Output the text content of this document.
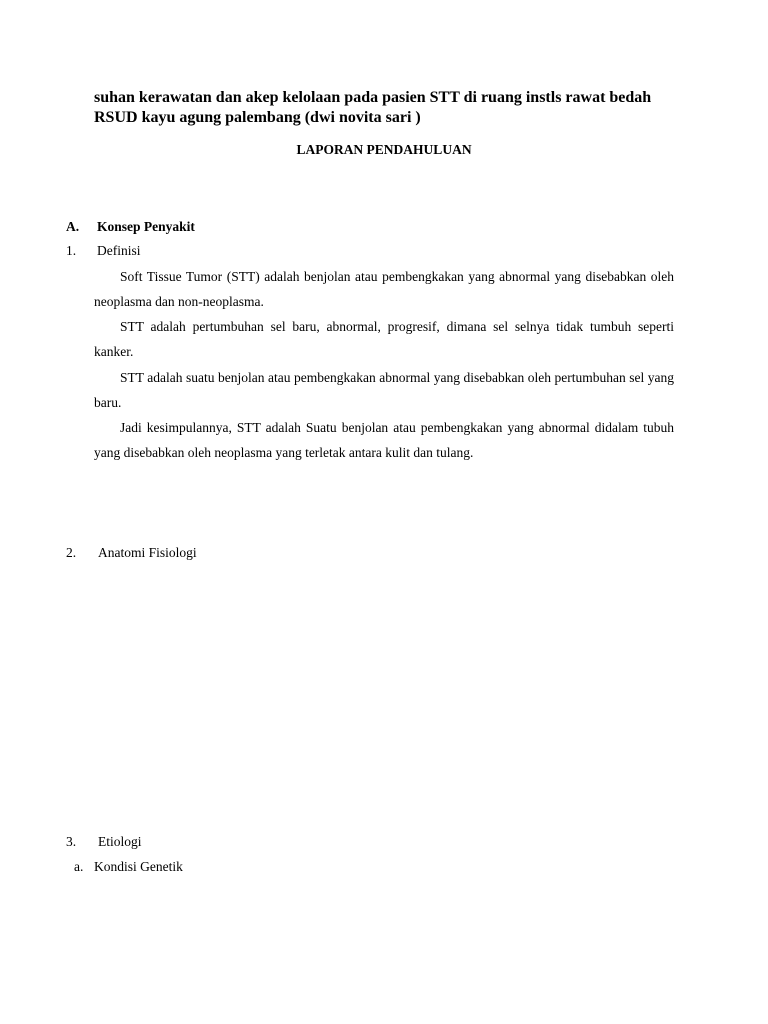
suhan kerawatan dan akep kelolaan pada pasien STT di ruang instls rawat bedah RSUD kayu agung palembang (dwi novita sari )
LAPORAN PENDAHULUAN
A. Konsep Penyakit
1. Definisi
Soft Tissue Tumor (STT) adalah benjolan atau pembengkakan yang abnormal yang disebabkan oleh neoplasma dan non-neoplasma.
STT adalah pertumbuhan sel baru, abnormal, progresif, dimana sel selnya tidak tumbuh seperti kanker.
STT adalah suatu benjolan atau pembengkakan abnormal yang disebabkan oleh pertumbuhan sel yang baru.
Jadi kesimpulannya, STT adalah Suatu benjolan atau pembengkakan yang abnormal didalam tubuh yang disebabkan oleh neoplasma yang terletak antara kulit dan tulang.
2. Anatomi Fisiologi
3. Etiologi
a. Kondisi Genetik
